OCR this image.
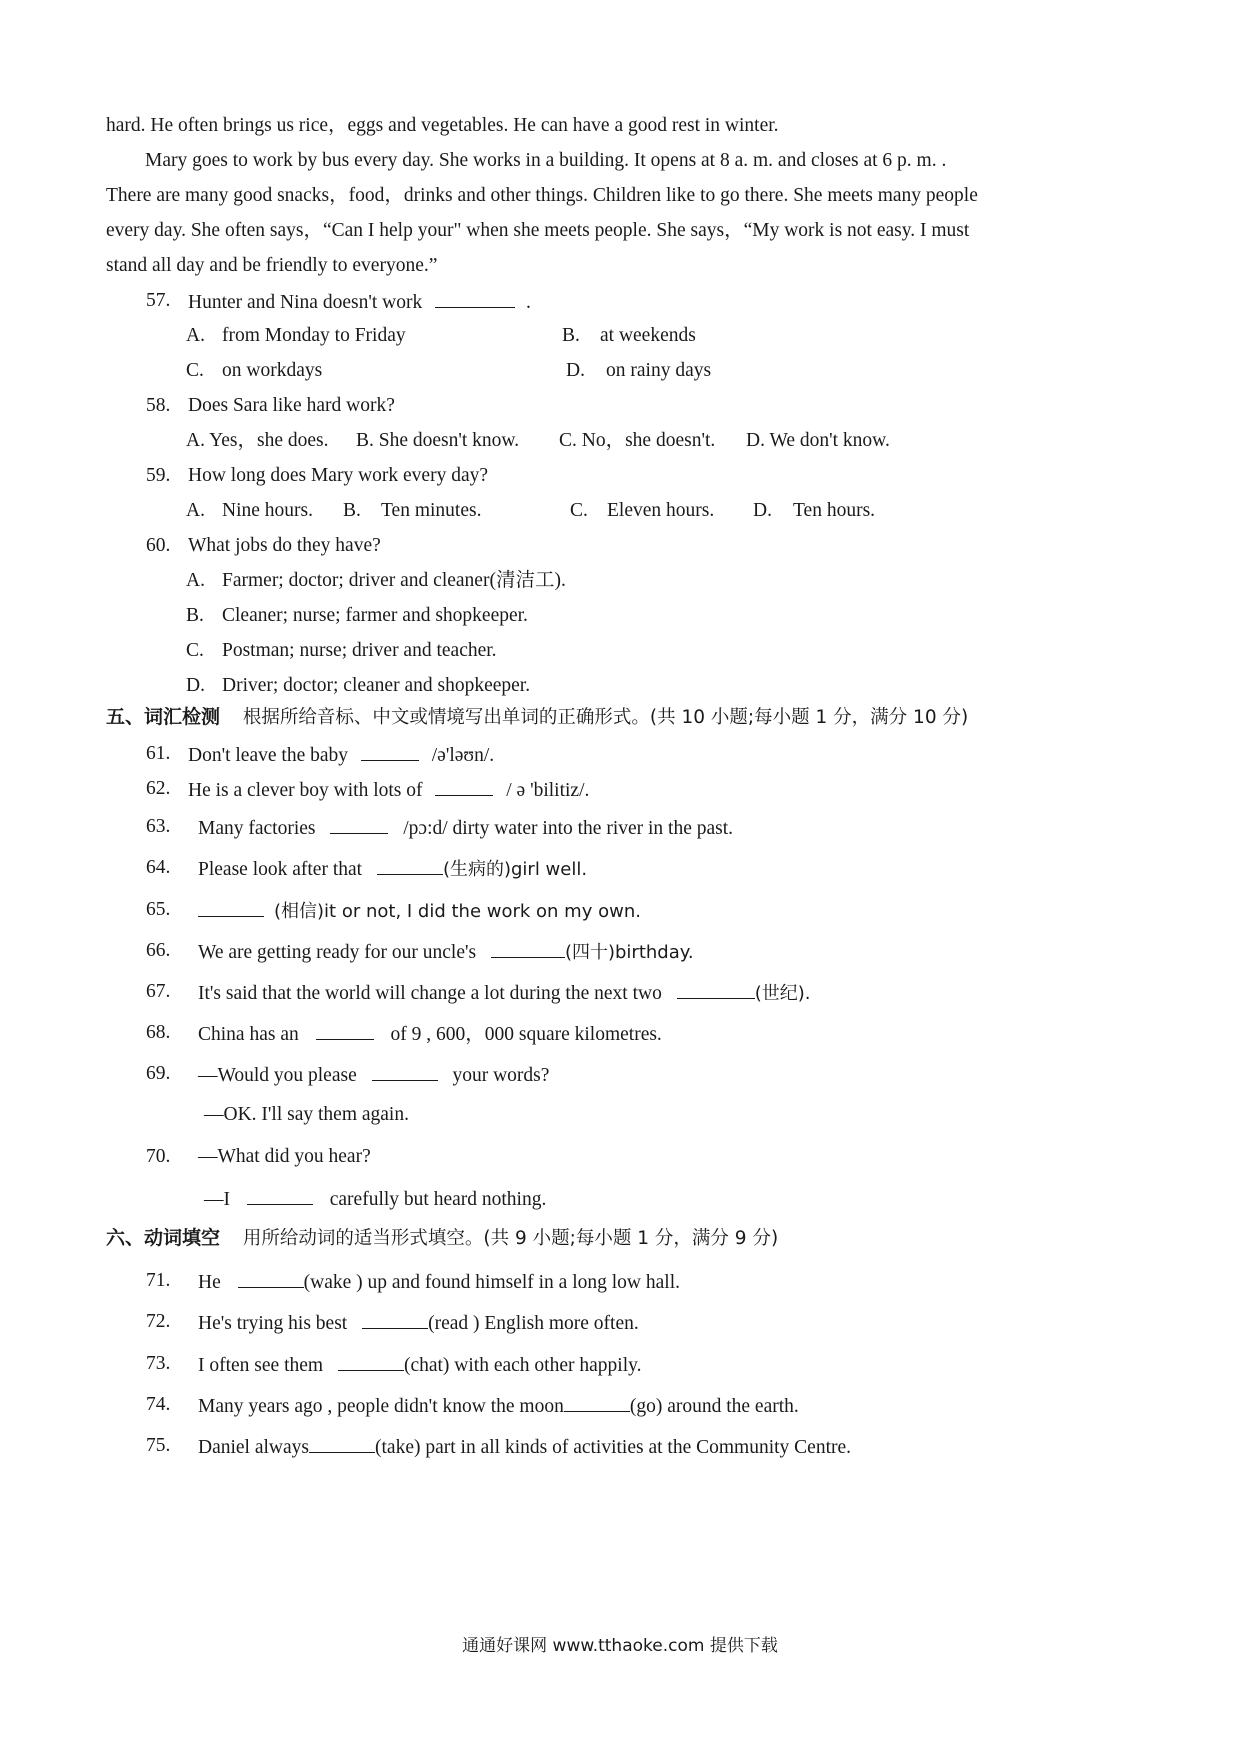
hard. He often brings us rice，eggs and vegetables. He can have a good rest in winter.
Mary goes to work by bus every day. She works in a building. It opens at 8 a. m. and closes at 6 p. m. .
There are many good snacks，food，drinks and other things. Children like to go there. She meets many people
every day. She often says，“Can I help your" when she meets people. She says，“My work is not easy. I must
stand all day and be friendly to everyone.”
57. Hunter and Nina doesn't work	.
A. from Monday to Friday	B. at weekends
C. on workdays	D. on rainy days
58. Does Sara like hard work?
A. Yes，she does. B. She doesn't know. C. No，she doesn't. D. We don't know.
59. How long does Mary work every day?
A. Nine hours. B. Ten minutes.	C. Eleven hours. D. Ten hours.
60. What jobs do they have?
A. Farmer; doctor; driver and cleaner(清洁工).
B. Cleaner; nurse; farmer and shopkeeper.
C. Postman; nurse; driver and teacher.
D. Driver; doctor; cleaner and shopkeeper.
五、词汇检测 根据所给音标、中文或情境写出单词的正确形式。(共 10 小题;每小题 1 分，满分 10 分)
61. Don't leave the baby	/ə'ləʊn/.
62. He is a clever boy with lots of	/ ə 'bilitiz/.
63. Many factories	/pɔ:d/ dirty water into the river in the past.
64. Please look after that	(生病的)girl well.
65.	(相信)it or not, I did the work on my own.
66. We are getting ready for our uncle's	(四十)birthday.
67. It's said that the world will change a lot during the next two	(世纪).
68. China has an	of 9 , 600，000 square kilometres.
69. —Would you please	your words?
—OK. I'll say them again.
70. —What did you hear?
—I	carefully but heard nothing.
六、动词填空 用所给动词的适当形式填空。(共 9 小题;每小题 1 分，满分 9 分)
71. He	(wake ) up and found himself in a long low hall.
72. He's trying his best	(read ) English more often.
73. I often see them	(chat) with each other happily.
74. Many years ago , people didn't know the moon	(go) around the earth.
75. Daniel always	(take) part in all kinds of activities at the Community Centre.
通通好课网 www.tthaoke.com 提供下载
